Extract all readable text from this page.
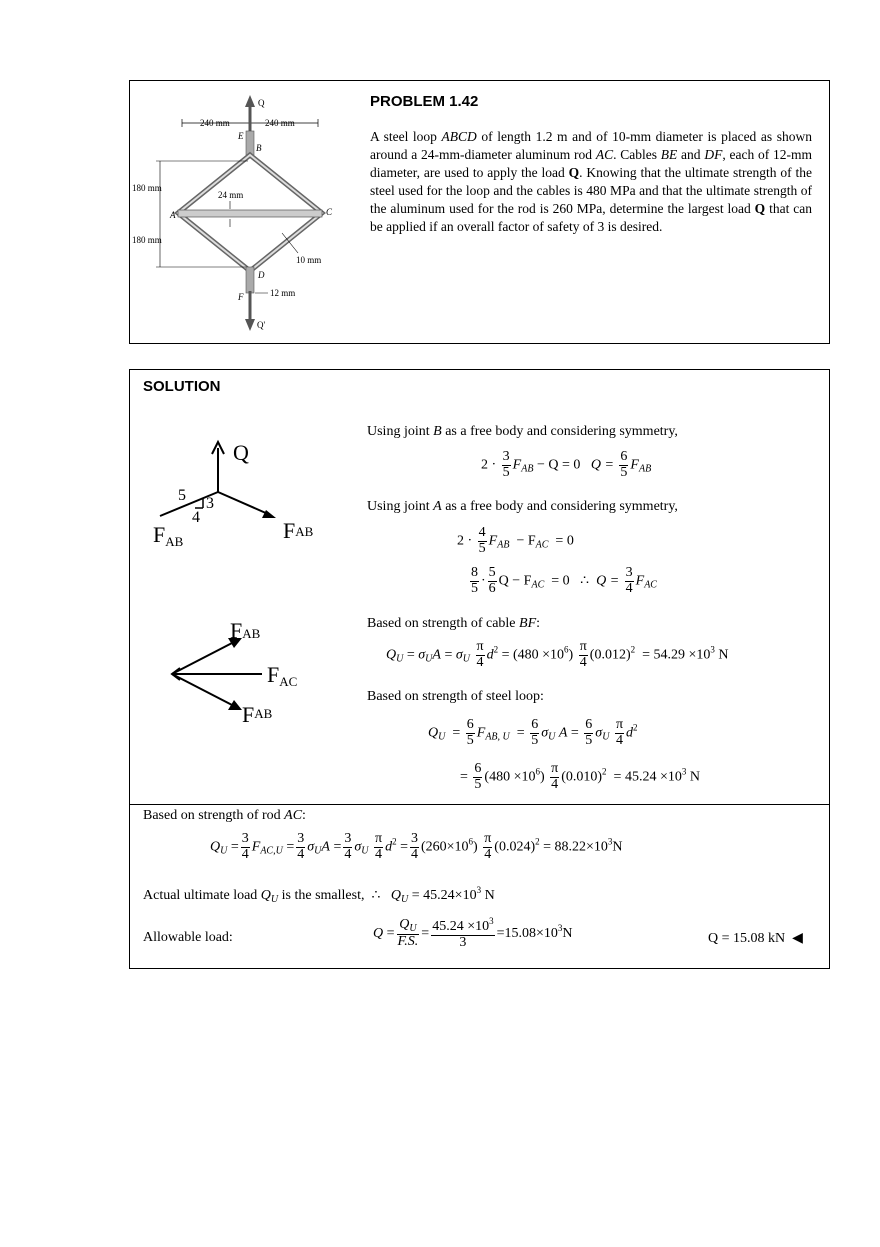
240 mm	240 mm
Q
E
B
A	C
24 mm
180 mm
180 mm
10 mm
D
F	12 mm
Q'
PROBLEM 1.42
A steel loop ABCD of length 1.2 m and of 10-mm diameter is placed as shown around a 24-mm-diameter aluminum rod AC. Cables BE and DF, each of 12-mm diameter, are used to apply the load Q. Knowing that the ultimate strength of the steel used for the loop and the cables is 480 MPa and that the ultimate strength of the aluminum used for the rod is 260 MPa, determine the largest load Q that can be applied if an overall factor of safety of 3 is desired.
SOLUTION
Q
5 3
4
FAB	FAB
FAB
FAC
FAB
Using joint B as a free body and considering symmetry,
$2 \cdot \frac{3}{5} F_{AB} - Q = 0$ $Q = \frac{6}{5} F_{AB}$
Using joint A as a free body and considering symmetry,
$2 \cdot \frac{4}{5} F_{AB} - F_{AC} = 0$
$\frac{8}{5} \cdot \frac{5}{6}$ $Q - F_{AC} = 0$   ∴  $Q = \frac{3}{4} F_{AC}$
Based on strength of cable BF:
$Q_U = \sigma_UA = \sigma_U \frac{\pi}{4} d^2 = (480 \times 10^6) \frac{\pi}{4} (0.012)^2 = 54.29 \times 10^3$ N
Based on strength of steel loop:
$Q_U = \frac{6}{5} F_{AB, U} = \frac{6}{5} \sigma_U$ $A = \frac{6}{5} \sigma_U \frac{\pi}{4} d^2$
= $\frac{6}{5} (480 \times 10^6) \frac{\pi}{4} (0.010)^2 = 45.24 \times 10^3$ N
Based on strength of rod AC:
$Q_U = \frac{3}{4} F_{AC,U} = \frac{3}{4} \sigma_UA = \frac{3}{4} \sigma_U \frac{\pi}{4} d^2 = \frac{3}{4} (260\times 10^6) \frac{\pi}{4} (0.024)^2 = 88.22\times 10^3N$
Actual ultimate load $Q_U$ is the smallest,  ∴   $Q_U = 45.24\times 10^3$ N
Allowable load:	$Q = \frac{Q_U}{F.S.} = \frac{45.24 \times 10^3}{3} =15.08\times 10^3N$	Q = 15.08 kN ◀
